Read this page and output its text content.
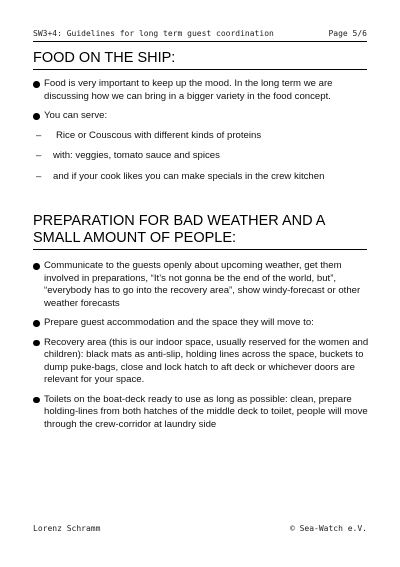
SW3+4: Guidelines for long term guest coordination	Page 5/6
FOOD ON THE SHIP:
Food is very important to keep up the mood. In the long term we are discussing how we can bring in a bigger variety in the food concept.
You can serve:
– Rice or Couscous with different kinds of proteins
– with: veggies, tomato sauce and spices
– and if your cook likes you can make specials in the crew kitchen
PREPARATION FOR BAD WEATHER AND A SMALL AMOUNT OF PEOPLE:
Communicate to the guests openly about upcoming weather, get them involved in preparations, “It’s not gonna be the end of the world, but”, “everybody has to go into the recovery area”, show windy-forecast or other weather forecasts
Prepare guest accommodation and the space they will move to:
Recovery area (this is our indoor space, usually reserved for the women and children): black mats as anti-slip, holding lines across the space, buckets to dump puke-bags, close and lock hatch to aft deck or whichever doors are relevant for your space.
Toilets on the boat-deck ready to use as long as possible: clean, prepare holding-lines from both hatches of the middle deck to toilet, people will move through the crew-corridor at laundry side
Lorenz Schramm	© Sea-Watch e.V.
